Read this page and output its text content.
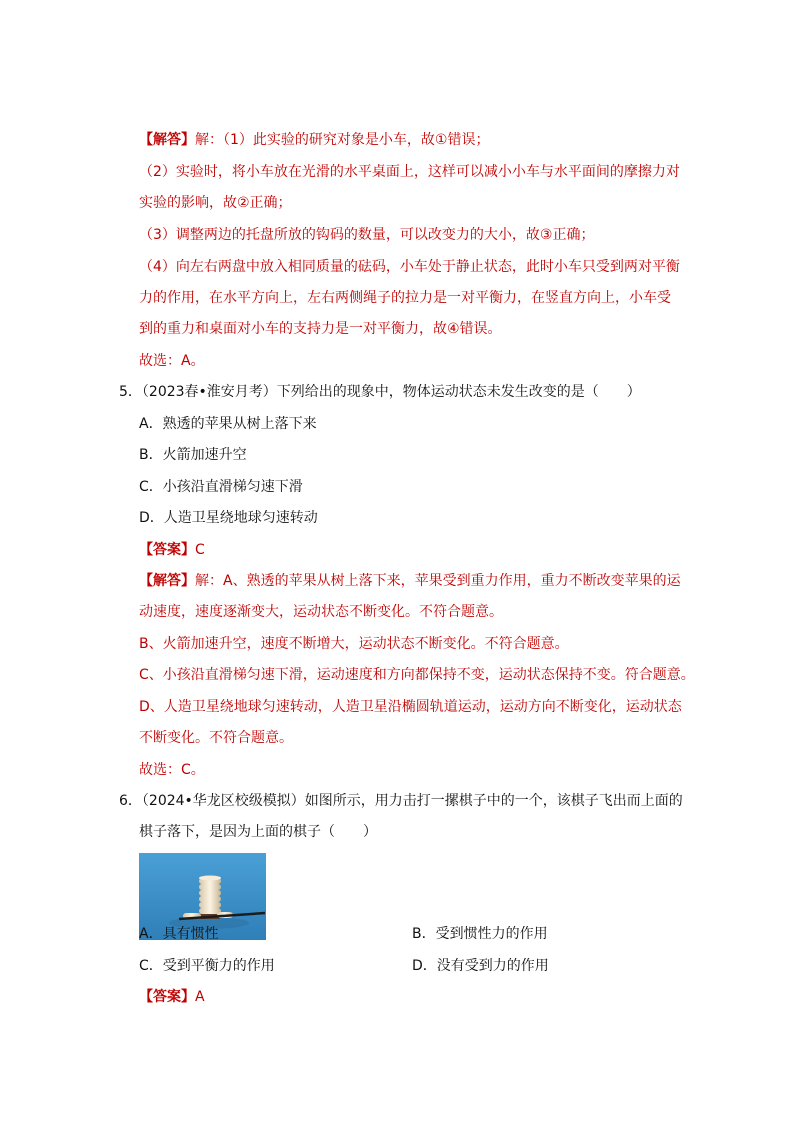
【解答】解：（1）此实验的研究对象是小车，故①错误；
（2）实验时，将小车放在光滑的水平桌面上，这样可以减小小车与水平面间的摩擦力对
实验的影响，故②正确；
（3）调整两边的托盘所放的钩码的数量，可以改变力的大小，故③正确；
（4）向左右两盘中放入相同质量的砝码，小车处于静止状态，此时小车只受到两对平衡
力的作用，在水平方向上，左右两侧绳子的拉力是一对平衡力，在竖直方向上，小车受
到的重力和桌面对小车的支持力是一对平衡力，故④错误。
故选：A。
5．（2023春•淮安月考）下列给出的现象中，物体运动状态未发生改变的是（　　）
A．熟透的苹果从树上落下来
B．火箭加速升空
C．小孩沿直滑梯匀速下滑
D．人造卫星绕地球匀速转动
【答案】C
【解答】解：A、熟透的苹果从树上落下来，苹果受到重力作用，重力不断改变苹果的运
动速度，速度逐渐变大，运动状态不断变化。不符合题意。
B、火箭加速升空，速度不断增大，运动状态不断变化。不符合题意。
C、小孩沿直滑梯匀速下滑，运动速度和方向都保持不变，运动状态保持不变。符合题意。
D、人造卫星绕地球匀速转动，人造卫星沿椭圆轨道运动，运动方向不断变化，运动状态
不断变化。不符合题意。
故选：C。
6．（2024•华龙区校级模拟）如图所示，用力击打一摞棋子中的一个，该棋子飞出而上面的
棋子落下，是因为上面的棋子（　　）
A．具有惯性	B．受到惯性力的作用
C．受到平衡力的作用	D．没有受到力的作用
【答案】A
